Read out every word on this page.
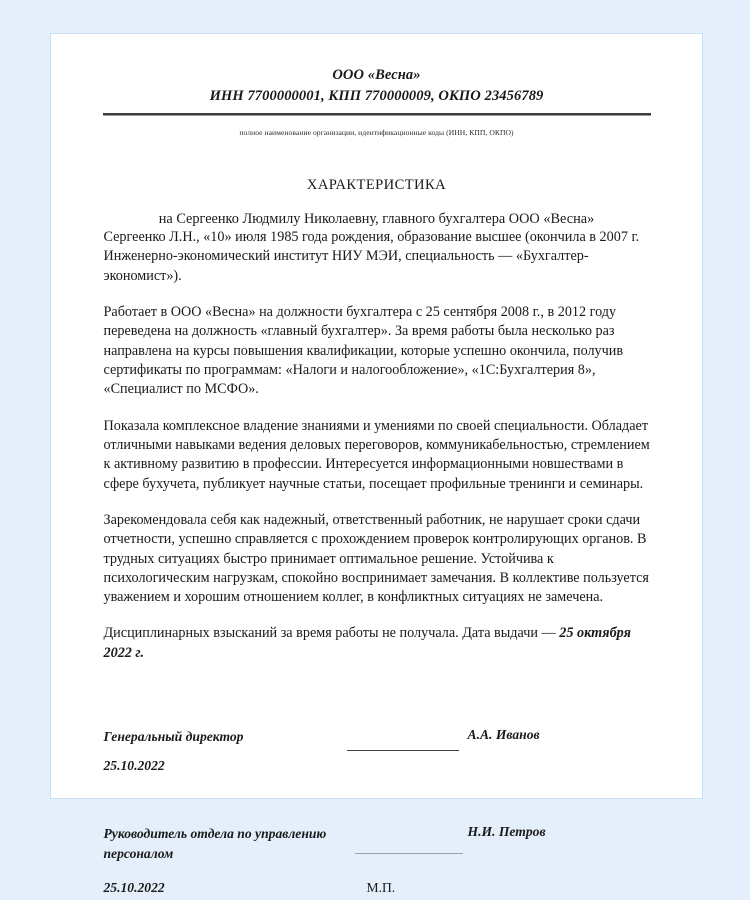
ООО «Весна»
ИНН 7700000001, КПП 770000009, ОКПО 23456789
полное наименование организации, идентификационные коды (ИНН, КПП, ОКПО)
ХАРАКТЕРИСТИКА
на Сергеенко Людмилу Николаевну, главного бухгалтера ООО «Весна»

Сергеенко Л.Н., «10» июля 1985 года рождения, образование высшее (окончила в 2007 г. Инженерно-экономический институт НИУ МЭИ, специальность — «Бухгалтер-экономист»).

Работает в ООО «Весна» на должности бухгалтера с 25 сентября 2008 г., в 2012 году переведена на должность «главный бухгалтер». За время работы была несколько раз направлена на курсы повышения квалификации, которые успешно окончила, получив сертификаты по программам: «Налоги и налогообложение», «1С:Бухгалтерия 8», «Специалист по МСФО».

Показала комплексное владение знаниями и умениями по своей специальности. Обладает отличными навыками ведения деловых переговоров, коммуникабельностью, стремлением к активному развитию в профессии. Интересуется информационными новшествами в сфере бухучета, публикует научные статьи, посещает профильные тренинги и семинары.

Зарекомендовала себя как надежный, ответственный работник, не нарушает сроки сдачи отчетности, успешно справляется с прохождением проверок контролирующих органов. В трудных ситуациях быстро принимает оптимальное решение. Устойчива к психологическим нагрузкам, спокойно воспринимает замечания. В коллективе пользуется уважением и хорошим отношением коллег, в конфликтных ситуациях не замечена.

Дисциплинарных взысканий за время работы не получала. Дата выдачи — 25 октября 2022 г.

Генеральный директор	А.А. Иванов
25.10.2022
Руководитель отдела по управлению персоналом
Н.И. Петров
25.10.2022	М.П.
